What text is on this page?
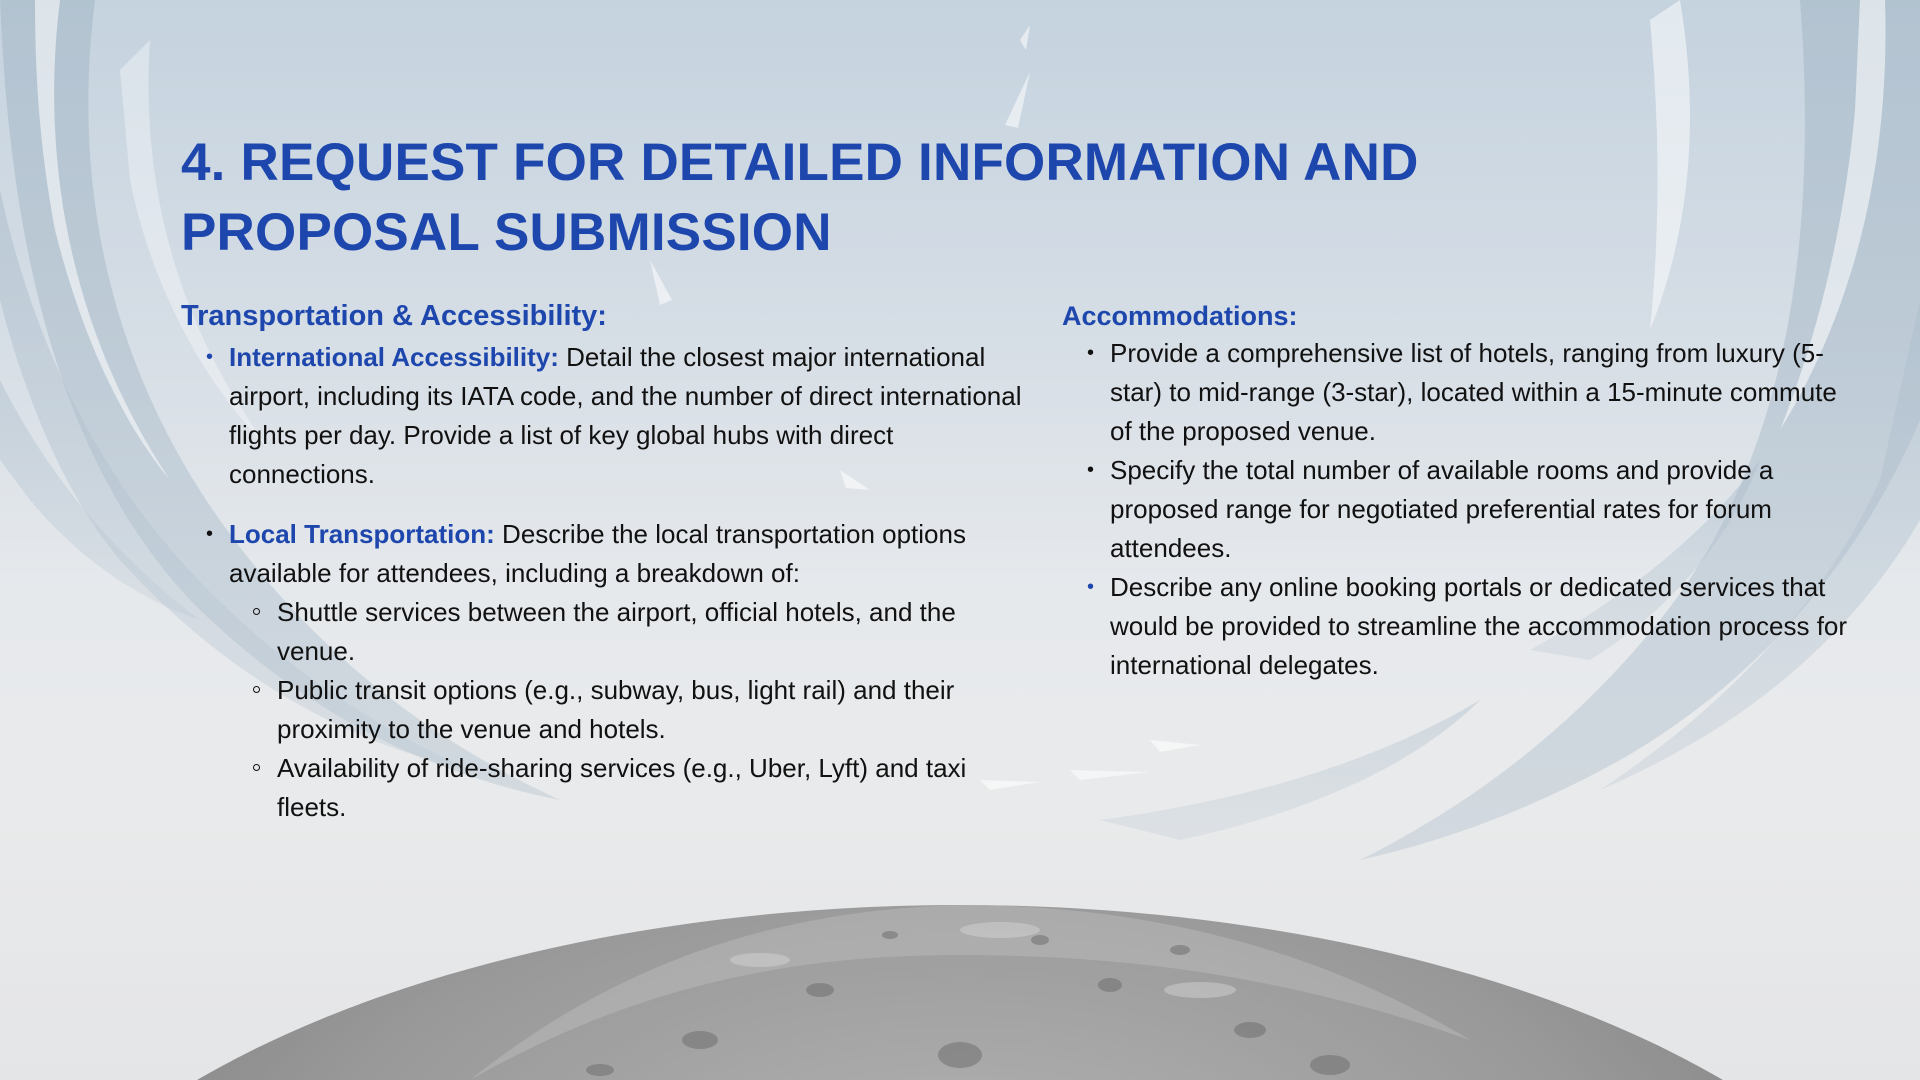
4. REQUEST FOR DETAILED INFORMATION AND PROPOSAL SUBMISSION
Transportation & Accessibility:
• International Accessibility: Detail the closest major international airport, including its IATA code, and the number of direct international flights per day. Provide a list of key global hubs with direct connections.
• Local Transportation: Describe the local transportation options available for attendees, including a breakdown of:
Shuttle services between the airport, official hotels, and the venue.
Public transit options (e.g., subway, bus, light rail) and their proximity to the venue and hotels.
Availability of ride-sharing services (e.g., Uber, Lyft) and taxi fleets.
Accommodations:
• Provide a comprehensive list of hotels, ranging from luxury (5-star) to mid-range (3-star), located within a 15-minute commute of the proposed venue.
• Specify the total number of available rooms and provide a proposed range for negotiated preferential rates for forum attendees.
• Describe any online booking portals or dedicated services that would be provided to streamline the accommodation process for international delegates.
